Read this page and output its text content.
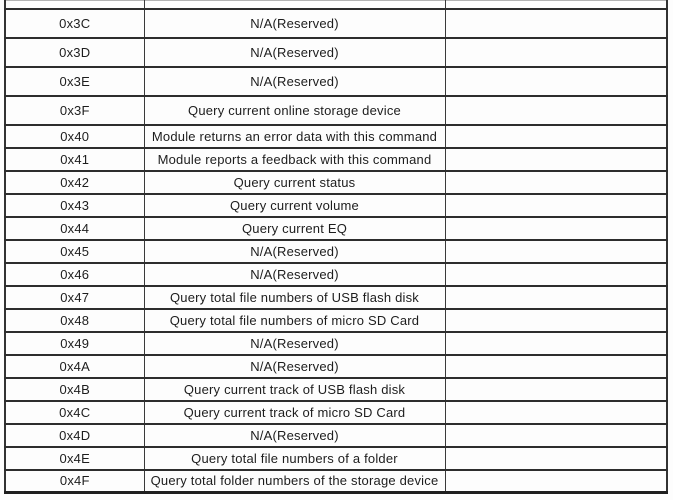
0x3C	N/A(Reserved)	
0x3D	N/A(Reserved)	
0x3E	N/A(Reserved)	
0x3F	Query current online storage device	
0x40	Module returns an error data with this command	
0x41	Module reports a feedback with this command	
0x42	Query current status	
0x43	Query current volume	
0x44	Query current EQ	
0x45	N/A(Reserved)	
0x46	N/A(Reserved)	
0x47	Query total file numbers of USB flash disk	
0x48	Query total file numbers of micro SD Card	
0x49	N/A(Reserved)	
0x4A	N/A(Reserved)	
0x4B	Query current track of USB flash disk	
0x4C	Query current track of micro SD Card	
0x4D	N/A(Reserved)	
0x4E	Query total file numbers of a folder	
0x4F	Query total folder numbers of the storage device	
